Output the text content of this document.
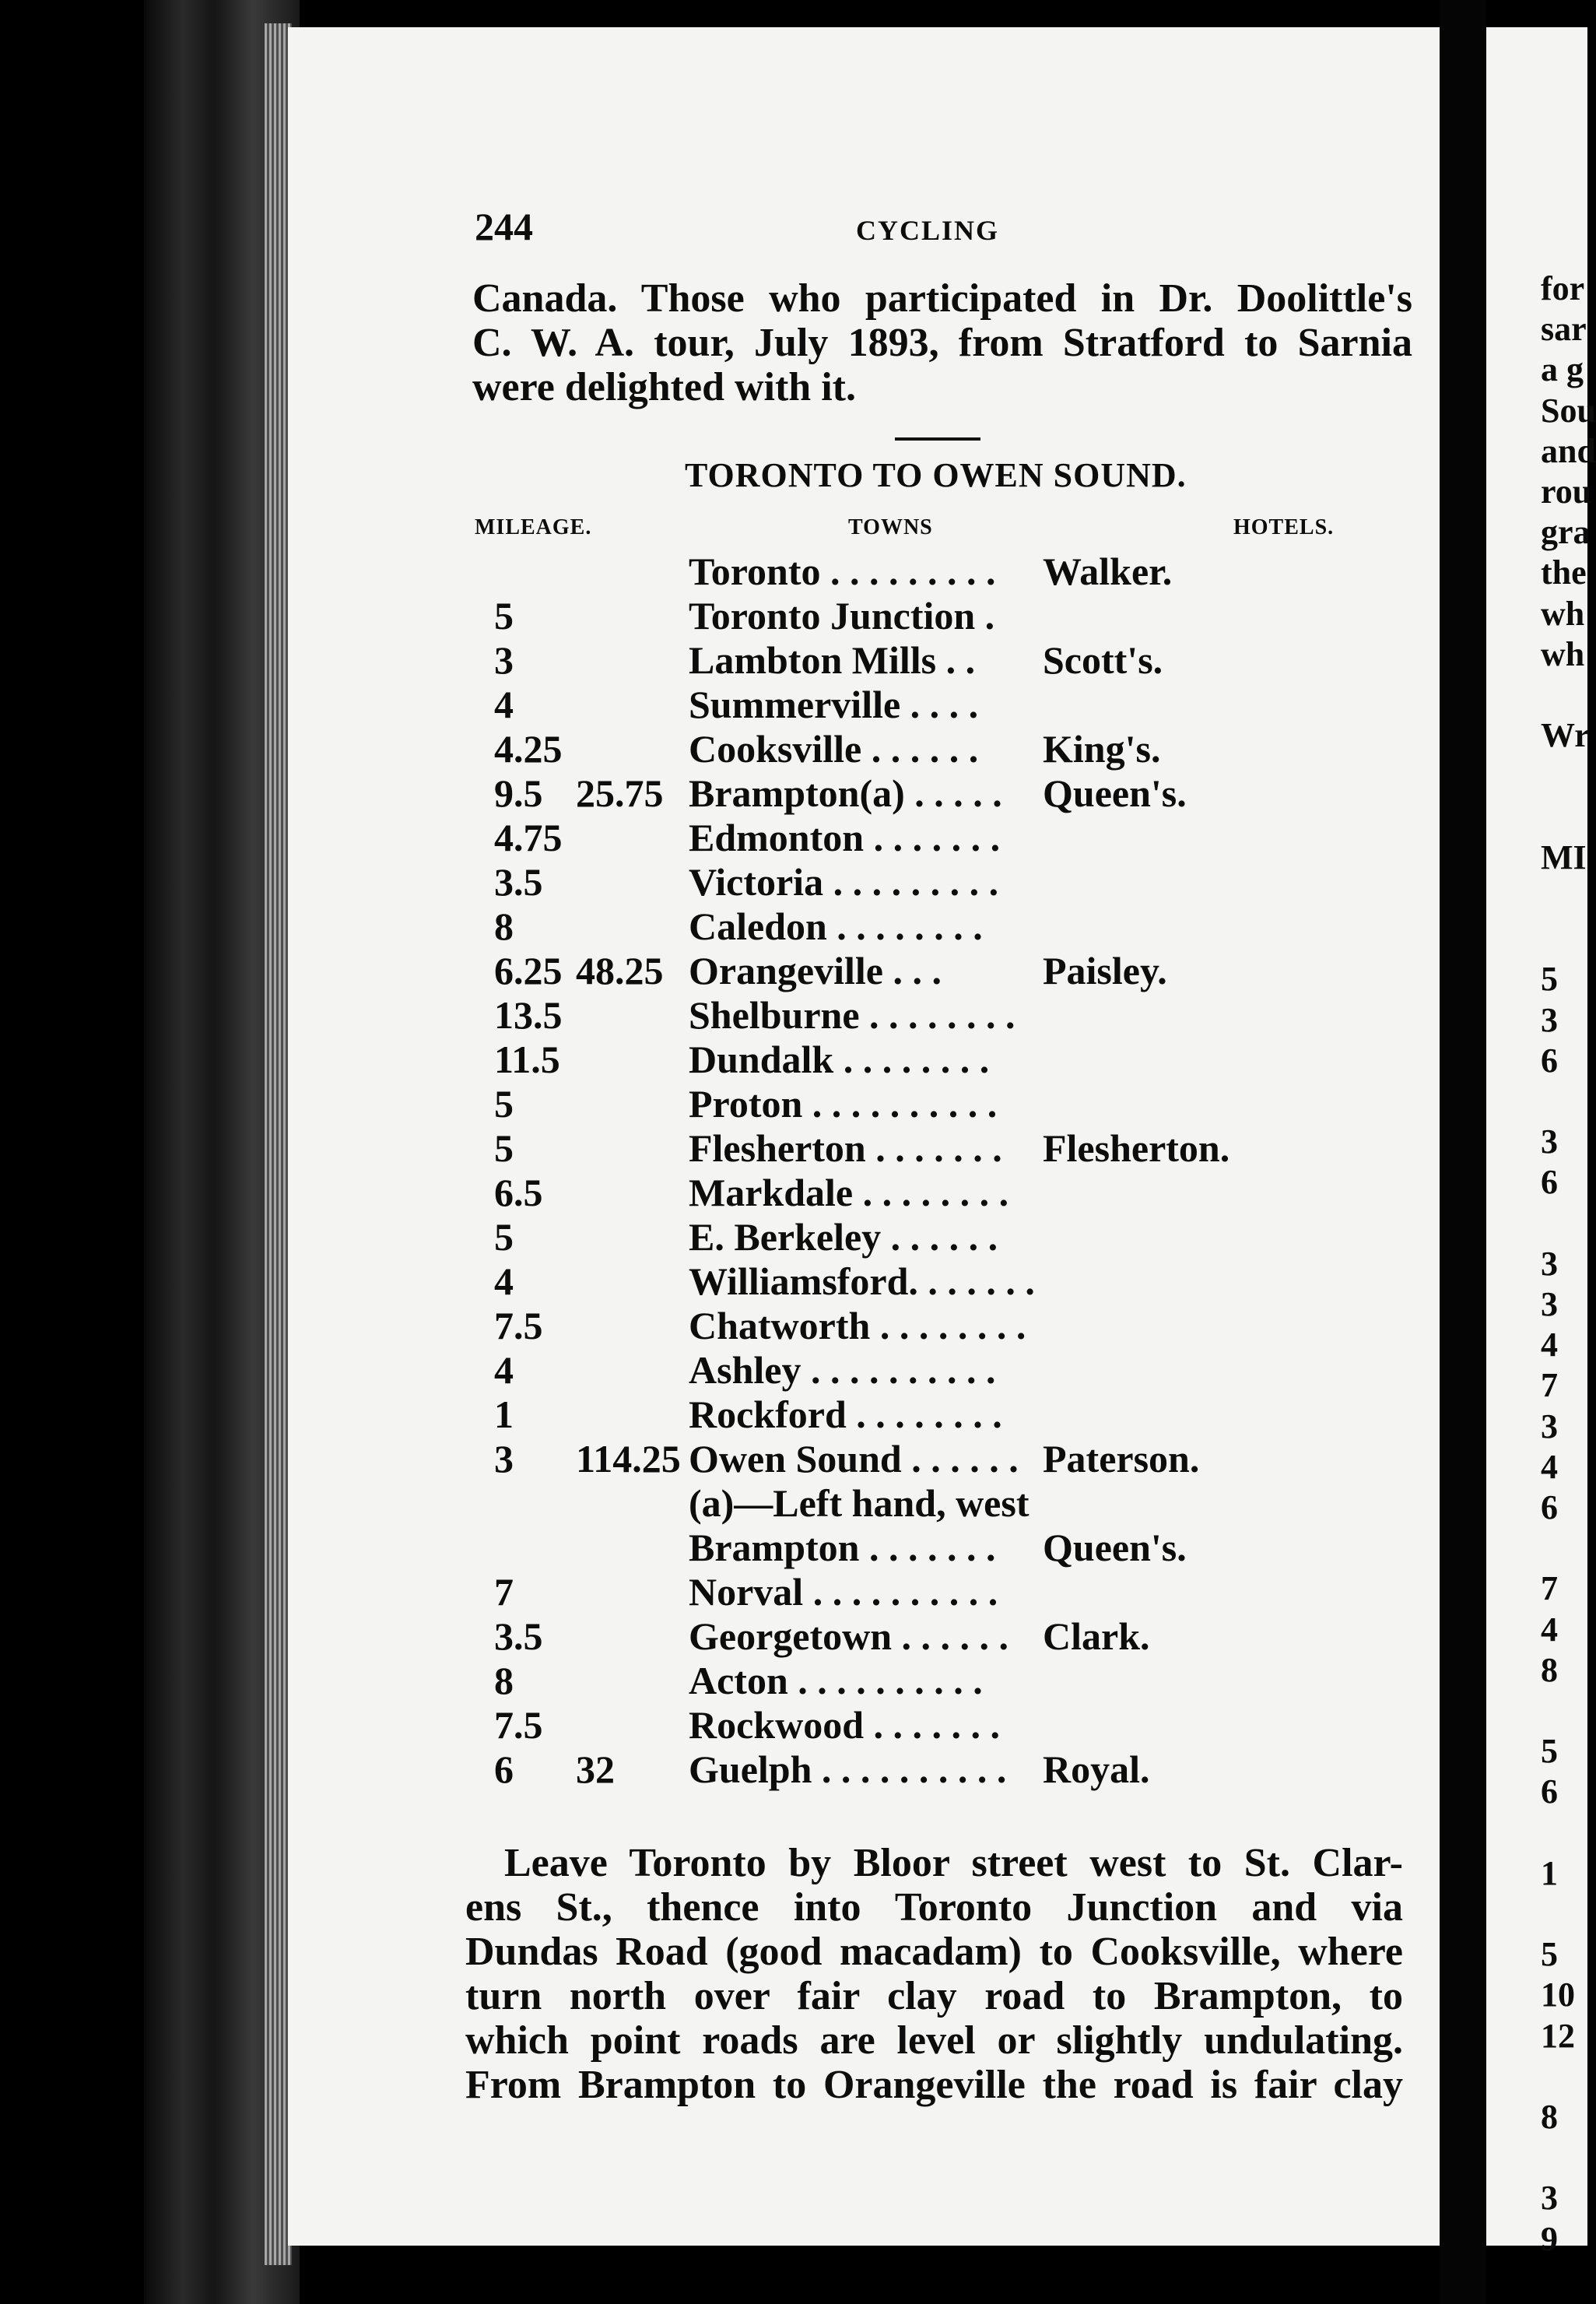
for
sar
a g
Sou
and
rou
gra
the
wh
wh
Wr
MI
5
3
6
3
6
3
3
4
7
3
4
6
7
4
8
5
6
1
5
10
12
8
3
9
244	CYCLING
Canada. Those who participated in Dr. Doolittle's
C. W. A. tour, July 1893, from Stratford to Sarnia
were delighted with it.
TORONTO TO OWEN SOUND.
MILEAGE.	TOWNS	HOTELS.
Toronto . . . . . . . . . Walker.
5	Toronto Junction .
3	Lambton Mills . . Scott's.
4	Summerville . . . .
4.25	Cooksville . . . . . . King's.
9.5 25.75 Brampton(a) . . . . . Queen's.
4.75	Edmonton . . . . . . .
3.5	Victoria . . . . . . . . .
8	Caledon . . . . . . . .
6.25 48.25 Orangeville . . .	Paisley.
13.5	Shelburne . . . . . . . .
11.5	Dundalk . . . . . . . .
5	Proton . . . . . . . . . .
5	Flesherton . . . . . . . Flesherton.
6.5	Markdale . . . . . . . .
5	E. Berkeley . . . . . .
4	Williamsford. . . . . . .
7.5	Chatworth . . . . . . . .
4	Ashley . . . . . . . . . .
1	Rockford . . . . . . . .
3 114.25 Owen Sound . . . . . . Paterson.
(a)—Left hand, west
Brampton . . . . . . . Queen's.
7	Norval . . . . . . . . . .
3.5	Georgetown . . . . . . Clark.
8	Acton . . . . . . . . . .
7.5	Rockwood . . . . . . .
6 32 Guelph . . . . . . . . . . Royal.
Leave Toronto by Bloor street west to St. Clar-
ens St., thence into Toronto Junction and via
Dundas Road (good macadam) to Cooksville, where
turn north over fair clay road to Brampton, to
which point roads are level or slightly undulating.
From Brampton to Orangeville the road is fair clay
